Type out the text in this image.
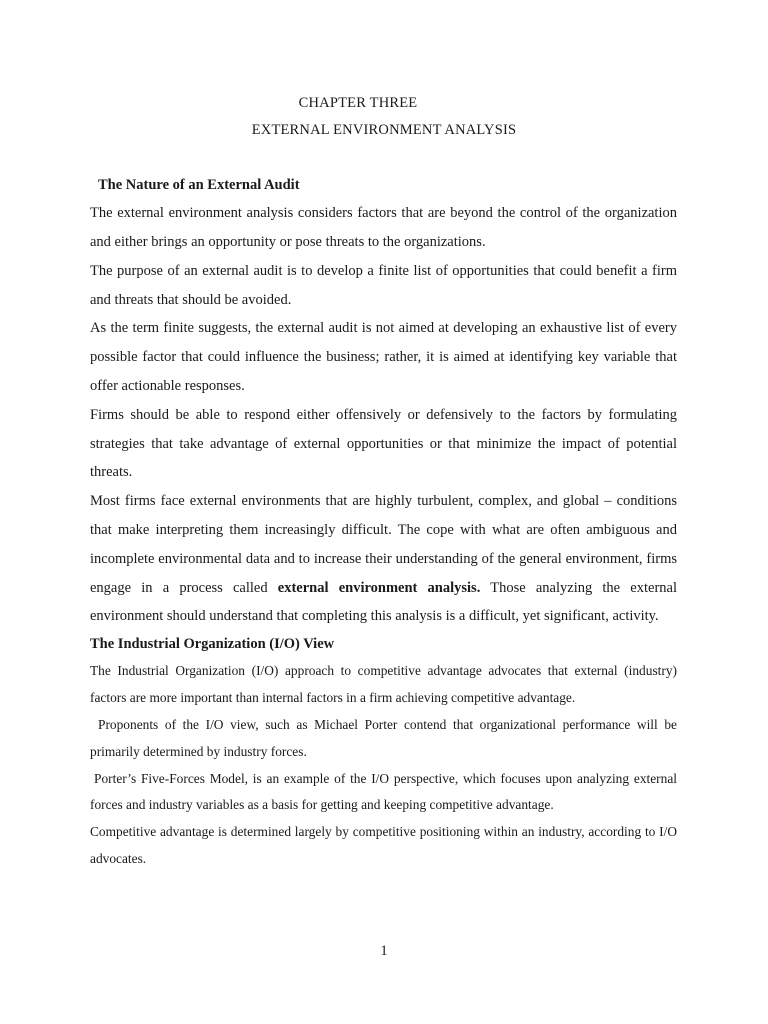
CHAPTER THREE
EXTERNAL ENVIRONMENT ANALYSIS

The Nature of an External Audit

The external environment analysis considers factors that are beyond the control of the organization and either brings an opportunity or pose threats to the organizations.

The purpose of an external audit is to develop a finite list of opportunities that could benefit a firm and threats that should be avoided.

As the term finite suggests, the external audit is not aimed at developing an exhaustive list of every possible factor that could influence the business; rather, it is aimed at identifying key variable that offer actionable responses.

Firms should be able to respond either offensively or defensively to the factors by formulating strategies that take advantage of external opportunities or that minimize the impact of potential threats.

Most firms face external environments that are highly turbulent, complex, and global – conditions that make interpreting them increasingly difficult. The cope with what are often ambiguous and incomplete environmental data and to increase their understanding of the general environment, firms engage in a process called external environment analysis. Those analyzing the external environment should understand that completing this analysis is a difficult, yet significant, activity.

The Industrial Organization (I/O) View

The Industrial Organization (I/O) approach to competitive advantage advocates that external (industry) factors are more important than internal factors in a firm achieving competitive advantage.

Proponents of the I/O view, such as Michael Porter contend that organizational performance will be primarily determined by industry forces.

Porter’s Five-Forces Model, is an example of the I/O perspective, which focuses upon analyzing external forces and industry variables as a basis for getting and keeping competitive advantage.

Competitive advantage is determined largely by competitive positioning within an industry, according to I/O advocates.

1
